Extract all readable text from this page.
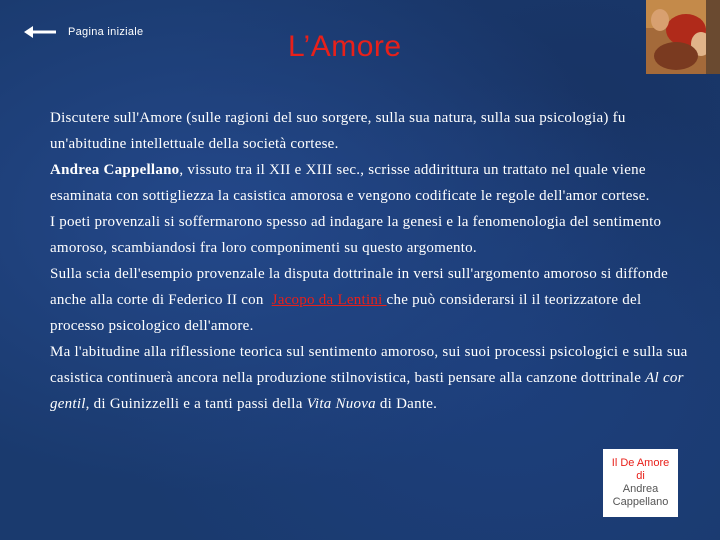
Pagina iniziale	L’Amore

Discutere sull'Amore (sulle ragioni del suo sorgere, sulla sua natura, sulla sua psicologia) fu un'abitudine intellettuale della società cortese.
Andrea Cappellano, vissuto tra il XII e XIII sec., scrisse addirittura un trattato nel quale viene esaminata con sottigliezza la casistica amorosa e vengono codificate le regole dell'amor cortese.
I poeti provenzali si soffermarono spesso ad indagare la genesi e la fenomenologia del sentimento amoroso, scambiandosi fra loro componimenti su questo argomento.
Sulla scia dell'esempio provenzale la disputa dottrinale in versi sull'argomento amoroso si diffonde anche alla corte di Federico II con Jacopo da Lentini che può considerarsi il il teorizzatore del processo psicologico dell'amore.
Ma l'abitudine alla riflessione teorica sul sentimento amoroso, sui suoi processi psicologici e sulla sua casistica continuerà ancora nella produzione stilnovistica, basti pensare alla canzone dottrinale Al cor gentil, di Guinizzelli e a tanti passi della Vita Nuova di Dante.

Il De Amore
di
Andrea
Cappellano
